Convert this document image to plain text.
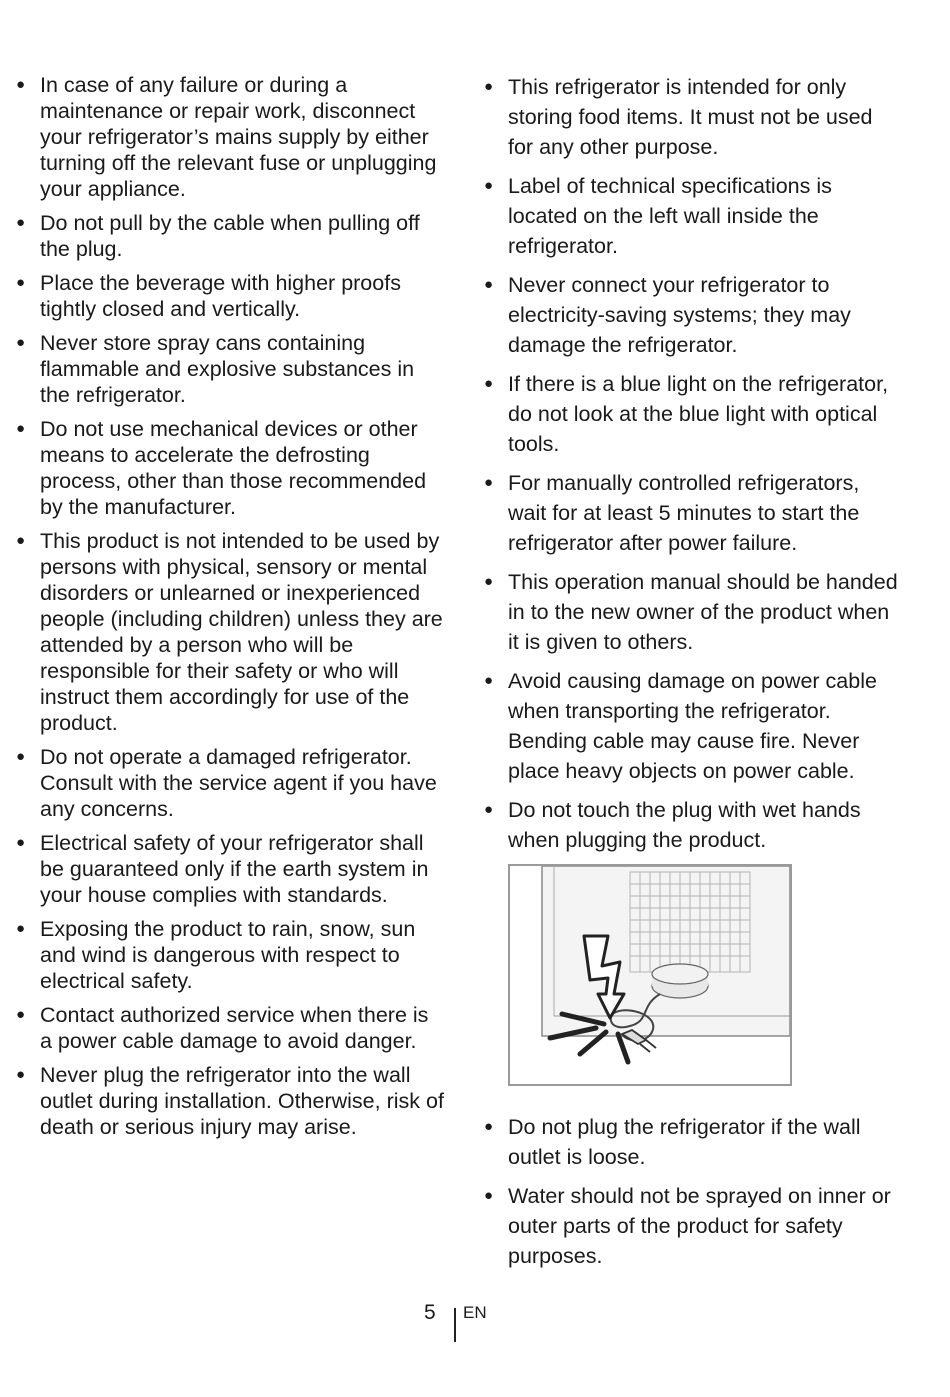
● In case of any failure or during a maintenance or repair work, disconnect your refrigerator’s mains supply by either turning off the relevant fuse or unplugging your appliance.
● Do not pull by the cable when pulling off the plug.
● Place the beverage with higher proofs tightly closed and vertically.
● Never store spray cans containing flammable and explosive substances in the refrigerator.
● Do not use mechanical devices or other means to accelerate the defrosting process, other than those recommended by the manufacturer.
● This product is not intended to be used by persons with physical, sensory or mental disorders or unlearned or inexperienced people (including children) unless they are attended by a person who will be responsible for their safety or who will instruct them accordingly for use of the product.
● Do not operate a damaged refrigerator. Consult with the service agent if you have any concerns.
● Electrical safety of your refrigerator shall be guaranteed only if the earth system in your house complies with standards.
● Exposing the product to rain, snow, sun and wind is dangerous with respect to electrical safety.
● Contact authorized service when there is a power cable damage to avoid danger.
● Never plug the refrigerator into the wall outlet during installation. Otherwise, risk of death or serious injury may arise.
● This refrigerator is intended for only storing food items. It must not be used for any other purpose.
● Label of technical specifications is located on the left wall inside the refrigerator.
● Never connect your refrigerator to electricity-saving systems; they may damage the refrigerator.
● If there is a blue light on the refrigerator, do not look at the blue light with optical tools.
● For manually controlled refrigerators, wait for at least 5 minutes to start the refrigerator after power failure.
● This operation manual should be handed in to the new owner of the product when it is given to others.
● Avoid causing damage on power cable when transporting the refrigerator. Bending cable may cause fire. Never place heavy objects on power cable.
● Do not touch the plug with wet hands when plugging the product.
● Do not plug the refrigerator if the wall outlet is loose.
● Water should not be sprayed on inner or outer parts of the product for safety purposes.
5 EN
